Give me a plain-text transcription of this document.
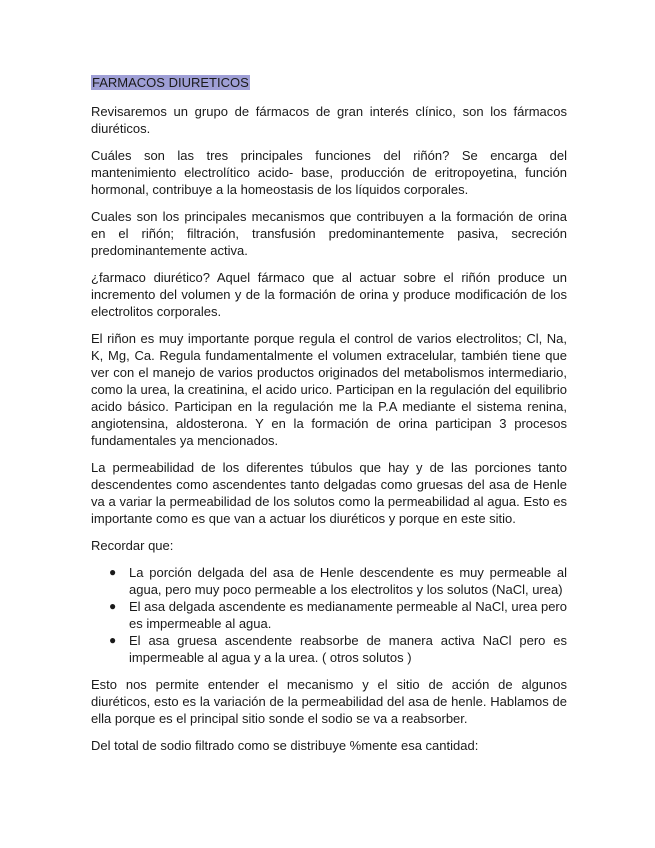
FARMACOS DIURETICOS

Revisaremos un grupo de fármacos de gran interés clínico, son los fármacos diuréticos.

Cuáles son las tres principales funciones del riñón? Se encarga del mantenimiento electrolítico acido- base, producción de eritropoyetina, función hormonal, contribuye a la homeostasis de los líquidos corporales.

Cuales son los principales mecanismos que contribuyen a la formación de orina en el riñón; filtración, transfusión predominantemente pasiva, secreción predominantemente activa.

¿farmaco diurético? Aquel fármaco que al actuar sobre el riñón produce un incremento del volumen y de la formación de orina y produce modificación de los electrolitos corporales.

El riñon es muy importante porque regula el control de varios electrolitos; Cl, Na, K, Mg, Ca. Regula fundamentalmente el volumen extracelular, también tiene que ver con el manejo de varios productos originados del metabolismos intermediario, como la urea, la creatinina, el acido urico. Participan en la regulación del equilibrio acido básico. Participan en la regulación me la P.A mediante el sistema renina, angiotensina, aldosterona. Y en la formación de orina participan 3 procesos fundamentales ya mencionados.

La permeabilidad de los diferentes túbulos que hay y de las porciones tanto descendentes como ascendentes tanto delgadas como gruesas del asa de Henle va a variar la permeabilidad de los solutos como la permeabilidad al agua. Esto es importante como es que van a actuar los diuréticos y porque en este sitio.

Recordar que:

● La porción delgada del asa de Henle descendente es muy permeable al agua, pero muy poco permeable a los electrolitos y los solutos (NaCl, urea)
● El asa delgada ascendente es medianamente permeable al NaCl, urea pero es impermeable al agua.
● El asa gruesa ascendente reabsorbe de manera activa NaCl pero es impermeable al agua y a la urea. ( otros solutos )

Esto nos permite entender el mecanismo y el sitio de acción de algunos diuréticos, esto es la variación de la permeabilidad del asa de henle. Hablamos de ella porque es el principal sitio sonde el sodio se va a reabsorber.

Del total de sodio filtrado como se distribuye %mente esa cantidad:
